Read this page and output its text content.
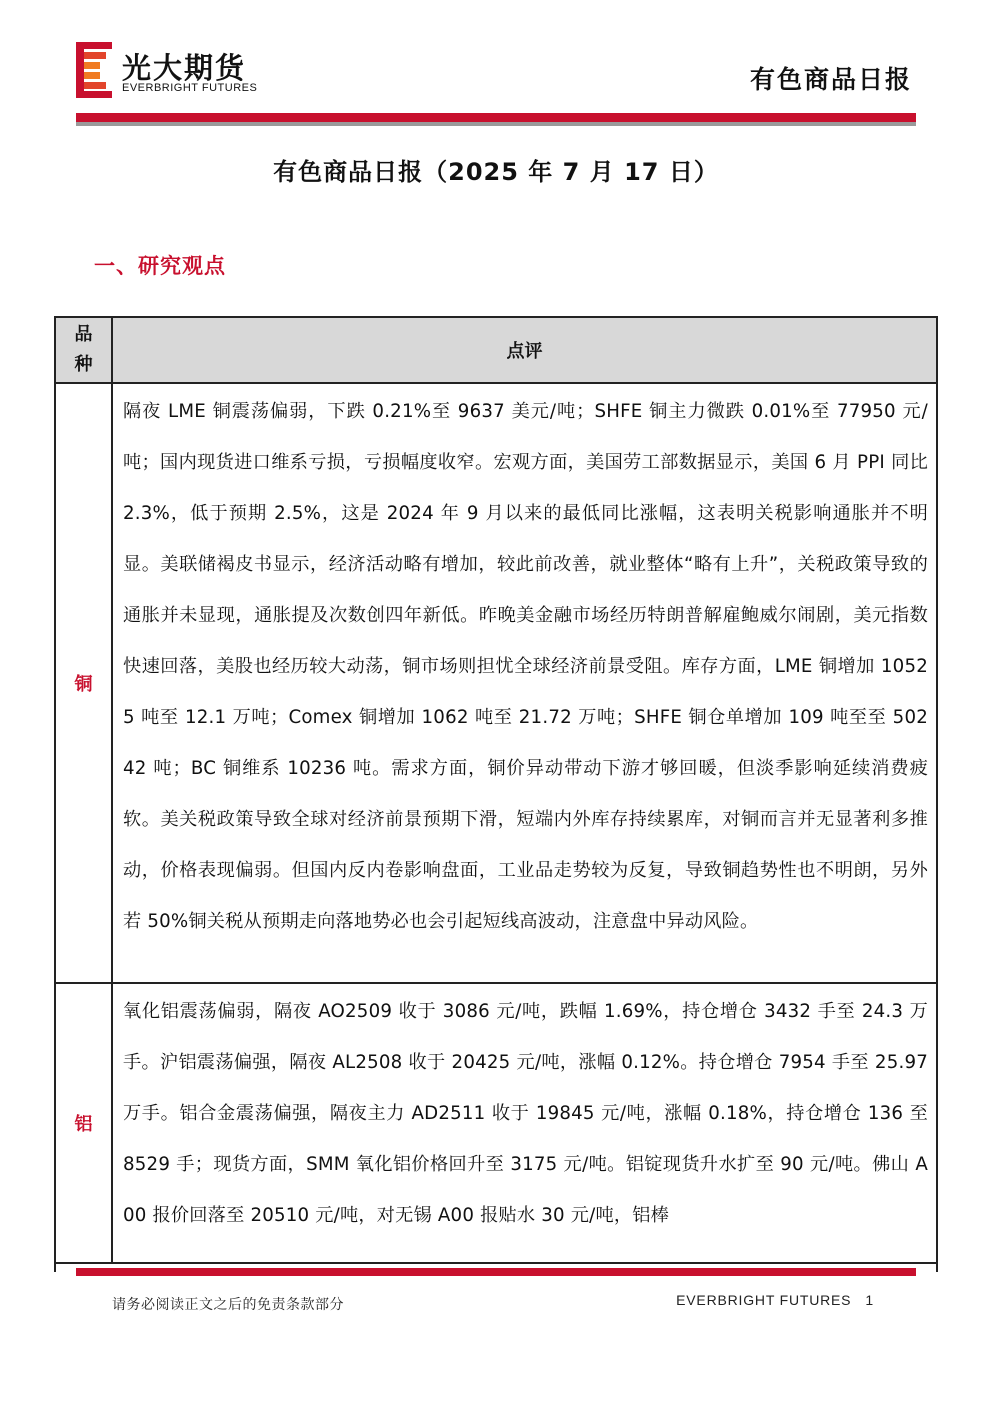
光大期货
EVERBRIGHT FUTURES	有色商品日报
有色商品日报（2025 年 7 月 17 日）
一、研究观点
品种	点评
铜	隔夜 LME 铜震荡偏弱，下跌 0.21%至 9637 美元/吨；SHFE 铜主力微跌 0.01%至 77950 元/吨；国内现货进口维系亏损，亏损幅度收窄。宏观方面，美国劳工部数据显示，美国 6 月 PPI 同比 2.3%，低于预期 2.5%，这是 2024 年 9 月以来的最低同比涨幅，这表明关税影响通胀并不明显。美联储褐皮书显示，经济活动略有增加，较此前改善，就业整体“略有上升”，关税政策导致的通胀并未显现，通胀提及次数创四年新低。昨晚美金融市场经历特朗普解雇鲍威尔闹剧，美元指数快速回落，美股也经历较大动荡，铜市场则担忧全球经济前景受阻。库存方面，LME 铜增加 10525 吨至 12.1 万吨；Comex 铜增加 1062 吨至 21.72 万吨；SHFE 铜仓单增加 109 吨至至 50242 吨；BC 铜维系 10236 吨。需求方面，铜价异动带动下游才够回暖，但淡季影响延续消费疲软。美关税政策导致全球对经济前景预期下滑，短端内外库存持续累库，对铜而言并无显著利多推动，价格表现偏弱。但国内反内卷影响盘面，工业品走势较为反复，导致铜趋势性也不明朗，另外若 50%铜关税从预期走向落地势必也会引起短线高波动，注意盘中异动风险。

铝	氧化铝震荡偏弱，隔夜 AO2509 收于 3086 元/吨，跌幅 1.69%，持仓增仓 3432 手至 24.3 万手。沪铝震荡偏强，隔夜 AL2508 收于 20425 元/吨，涨幅 0.12%。持仓增仓 7954 手至 25.97 万手。铝合金震荡偏强，隔夜主力 AD2511 收于 19845 元/吨，涨幅 0.18%，持仓增仓 136 至 8529 手；现货方面，SMM 氧化铝价格回升至 3175 元/吨。铝锭现货升水扩至 90 元/吨。佛山 A00 报价回落至 20510 元/吨，对无锡 A00 报贴水 30 元/吨，铝棒
请务必阅读正文之后的免责条款部分	EVERBRIGHT FUTURES 1
